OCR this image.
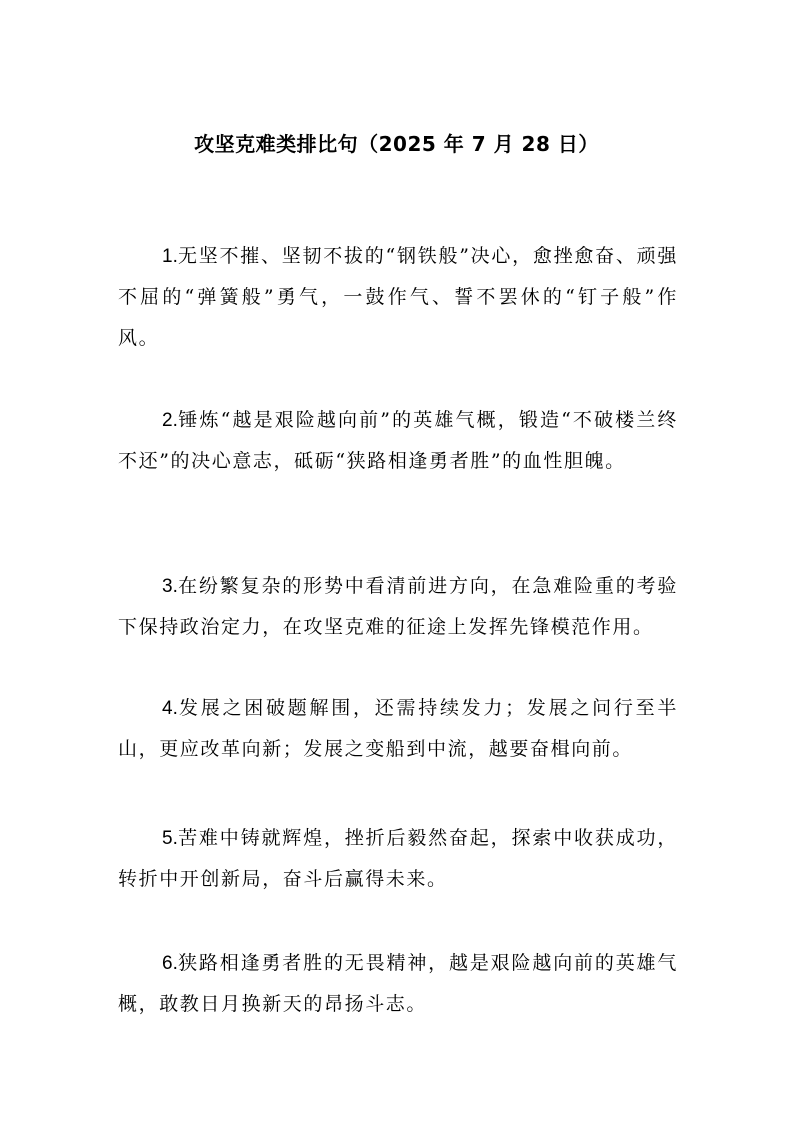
攻坚克难类排比句（2025 年 7 月 28 日）

1.无坚不摧、坚韧不拔的“钢铁般”决心，愈挫愈奋、顽强不屈的“弹簧般”勇气，一鼓作气、誓不罢休的“钉子般”作风。

2.锤炼“越是艰险越向前”的英雄气概，锻造“不破楼兰终不还”的决心意志，砥砺“狭路相逢勇者胜”的血性胆魄。

3.在纷繁复杂的形势中看清前进方向，在急难险重的考验下保持政治定力，在攻坚克难的征途上发挥先锋模范作用。

4.发展之困破题解围，还需持续发力；发展之问行至半山，更应改革向新；发展之变船到中流，越要奋楫向前。

5.苦难中铸就辉煌，挫折后毅然奋起，探索中收获成功，转折中开创新局，奋斗后赢得未来。

6.狭路相逢勇者胜的无畏精神，越是艰险越向前的英雄气概，敢教日月换新天的昂扬斗志。
